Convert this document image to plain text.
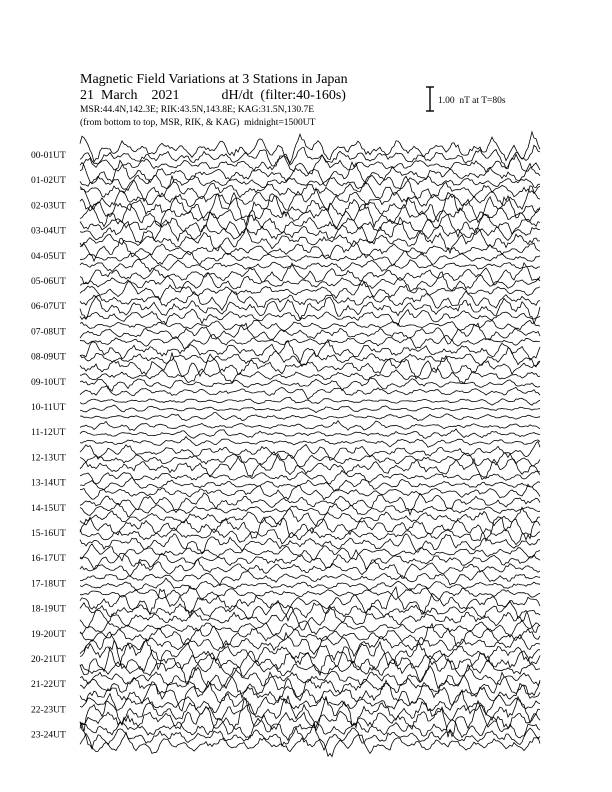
Magnetic Field Variations at 3 Stations in Japan
21  March    2021            dH/dt  (filter:40-160s)
MSR:44.4N,142.3E; RIK:43.5N,143.8E; KAG:31.5N,130.7E
(from bottom to top, MSR, RIK, & KAG)  midnight=1500UT
1.00  nT at T=80s
00-01UT
01-02UT
02-03UT
03-04UT
04-05UT
05-06UT
06-07UT
07-08UT
08-09UT
09-10UT
10-11UT
11-12UT
12-13UT
13-14UT
14-15UT
15-16UT
16-17UT
17-18UT
18-19UT
19-20UT
20-21UT
21-22UT
22-23UT
23-24UT
